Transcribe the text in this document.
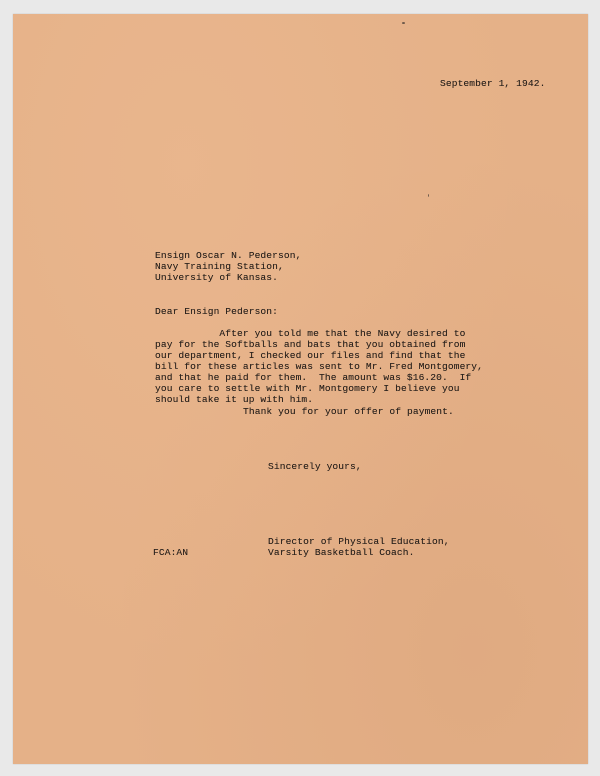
September 1, 1942.
Ensign Oscar N. Pederson,
Navy Training Station,
University of Kansas.
Dear Ensign Pederson:
After you told me that the Navy desired to
pay for the Softballs and bats that you obtained from
our department, I checked our files and find that the
bill for these articles was sent to Mr. Fred Montgomery,
and that he paid for them.  The amount was $16.20.  If
you care to settle with Mr. Montgomery I believe you
should take it up with him.
Thank you for your offer of payment.
Sincerely yours,
Director of Physical Education,
Varsity Basketball Coach.
FCA:AN
